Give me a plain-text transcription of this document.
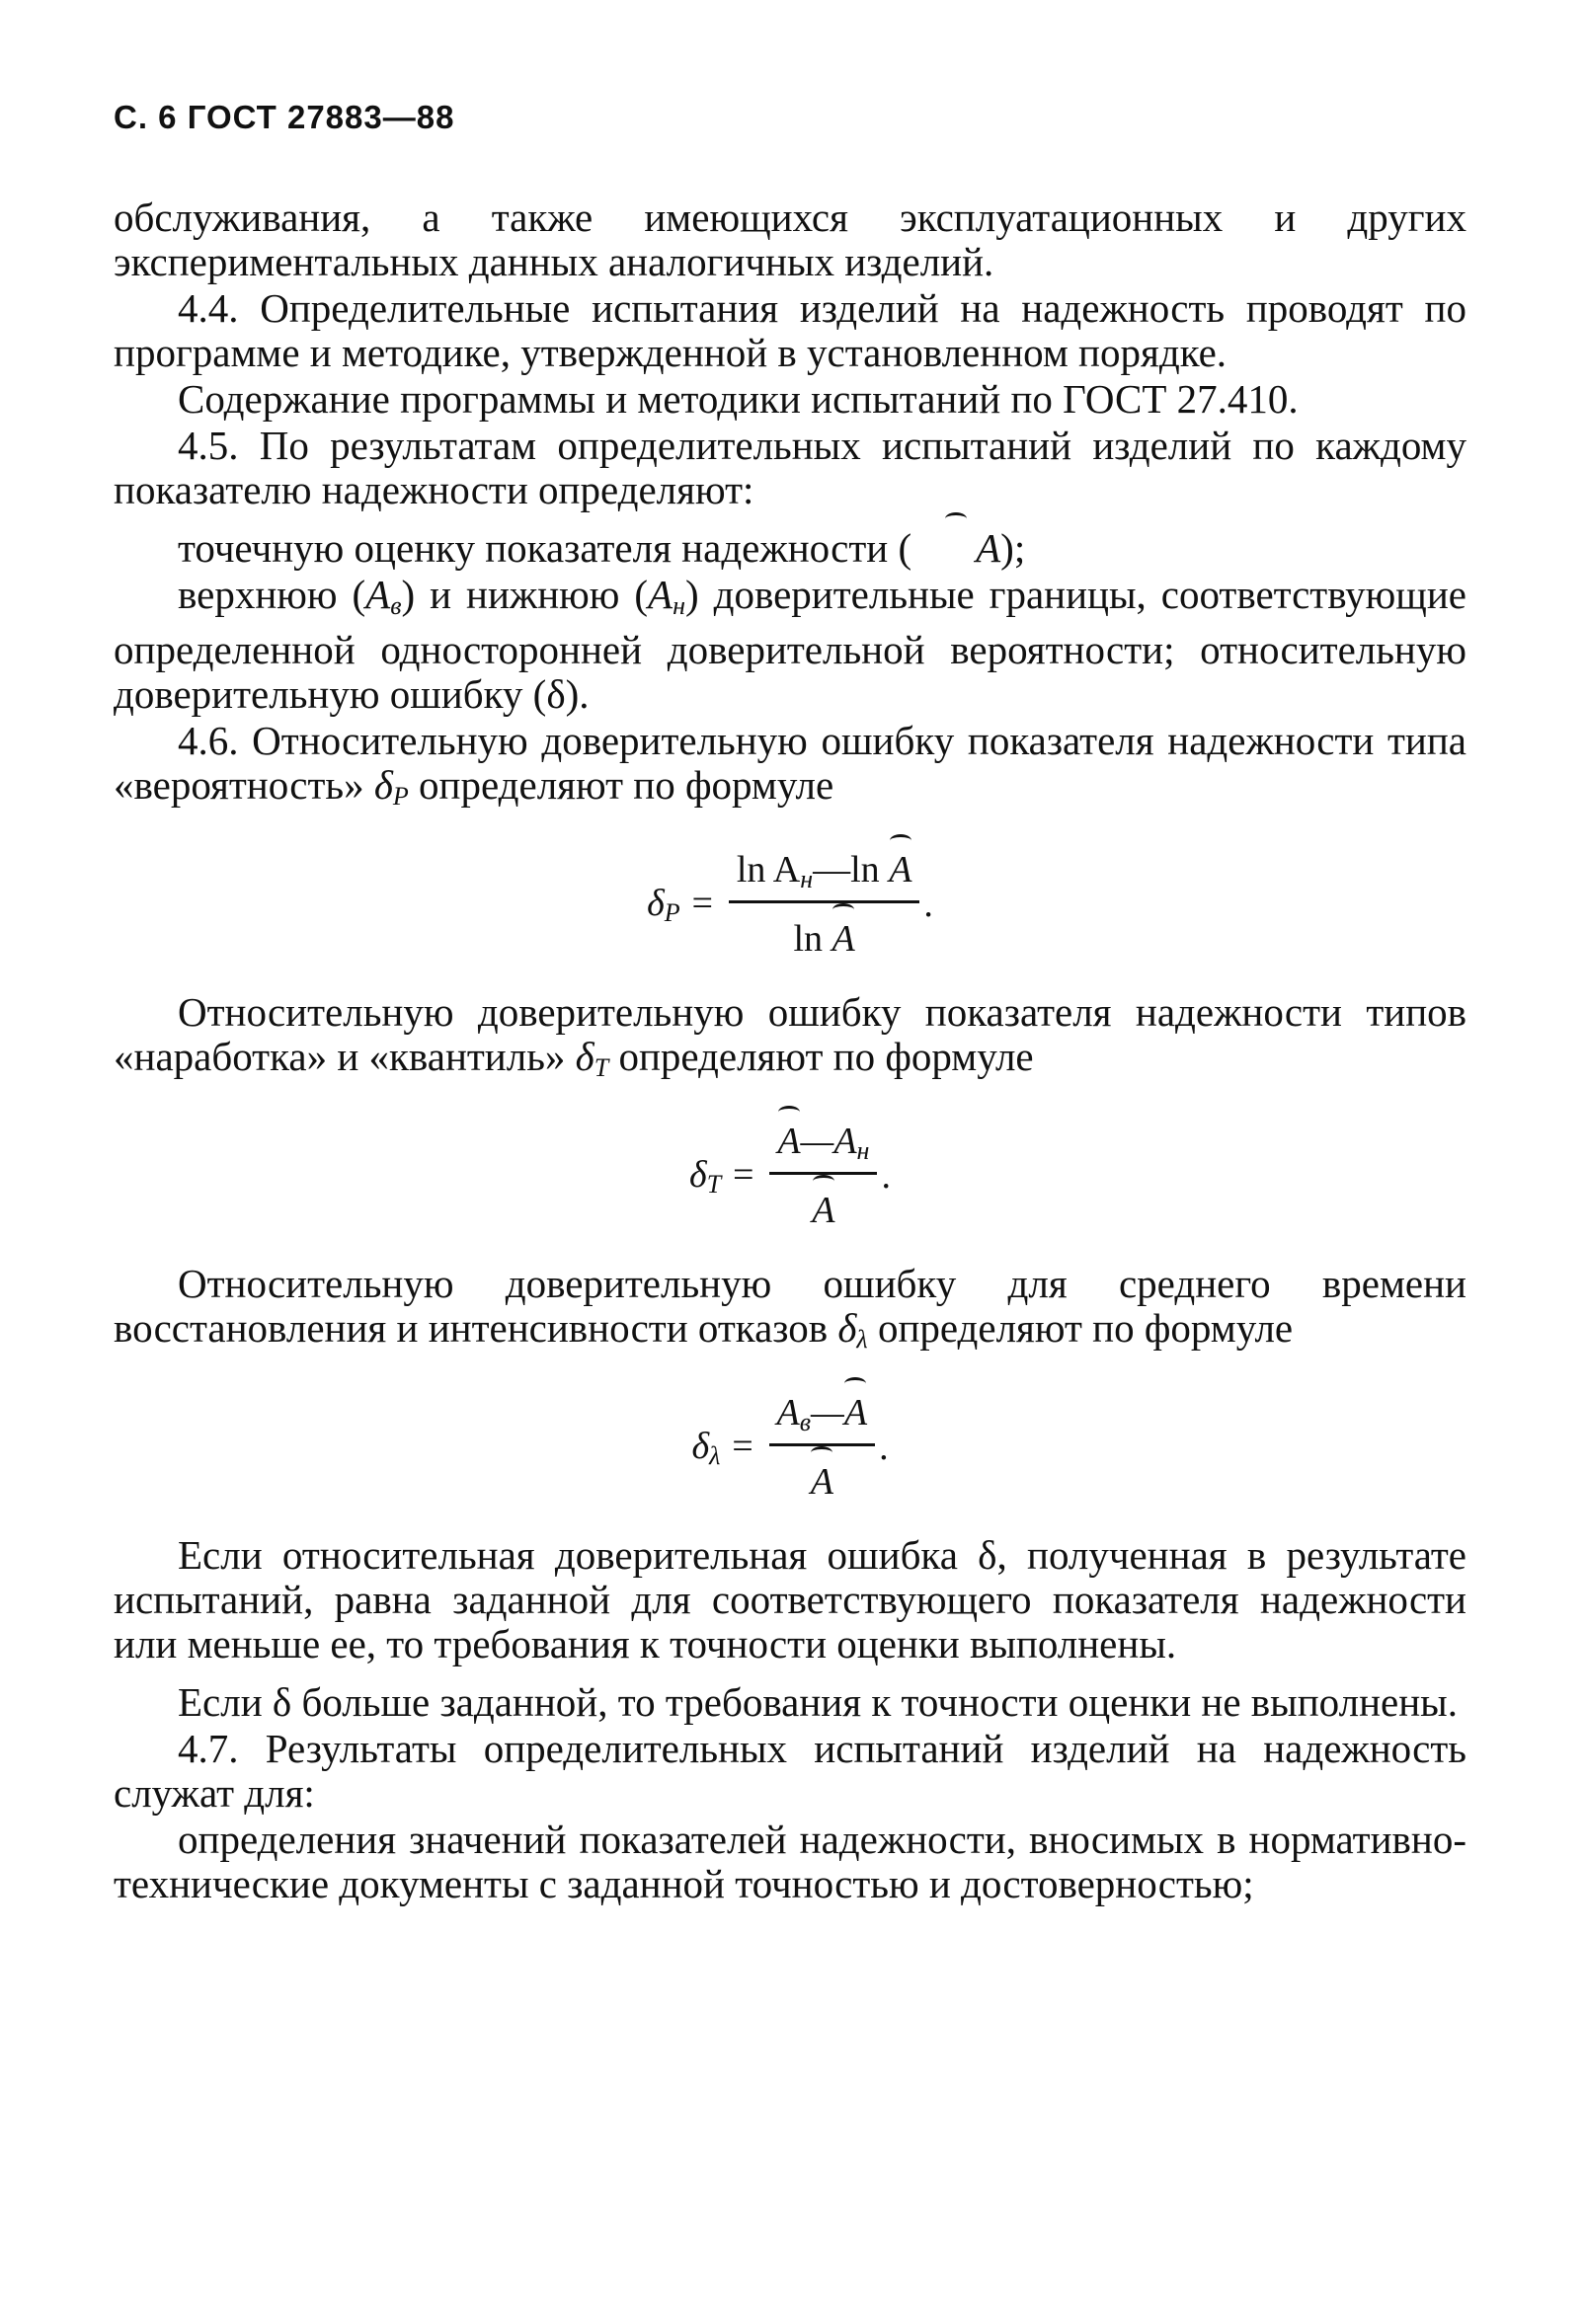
С. 6 ГОСТ 27883—88

обслуживания, а также имеющихся эксплуатационных и других экспериментальных данных аналогичных изделий.

4.4. Определительные испытания изделий на надежность проводят по программе и методике, утвержденной в установленном порядке.

Содержание программы и методики испытаний по ГОСТ 27.410.

4.5. По результатам определительных испытаний изделий по каждому показателю надежности определяют:

точечную оценку показателя надежности ( A);

верхнюю $(A_в)$ и нижнюю $(A_н)$ доверительные границы, соответствующие определенной односторонней доверительной вероятности; относительную доверительную ошибку (δ).

4.6. Относительную доверительную ошибку показателя надежности типа «вероятность» $\delta_P$ определяют по формуле

$\delta_P = \frac{\ln A_н—\ln A}{\text{ln A}}$ .

Относительную доверительную ошибку показателя надежности типов «наработка» и «квантиль» $\delta_T$ определяют по формуле

$\delta_T = \frac{A—A_н}{A}$ .

Относительную доверительную ошибку для среднего времени восстановления и интенсивности отказов $\delta_\lambda$ определяют по формуле

$\delta_\lambda = \frac{A_в—A}{A}$ .

Если относительная доверительная ошибка δ, полученная в результате испытаний, равна заданной для соответствующего показателя надежности или меньше ее, то требования к точности оценки выполнены.

Если δ больше заданной, то требования к точности оценки не выполнены.

4.7. Результаты определительных испытаний изделий на надежность служат для:

определения значений показателей надежности, вносимых в нормативно-технические документы с заданной точностью и достоверностью;
